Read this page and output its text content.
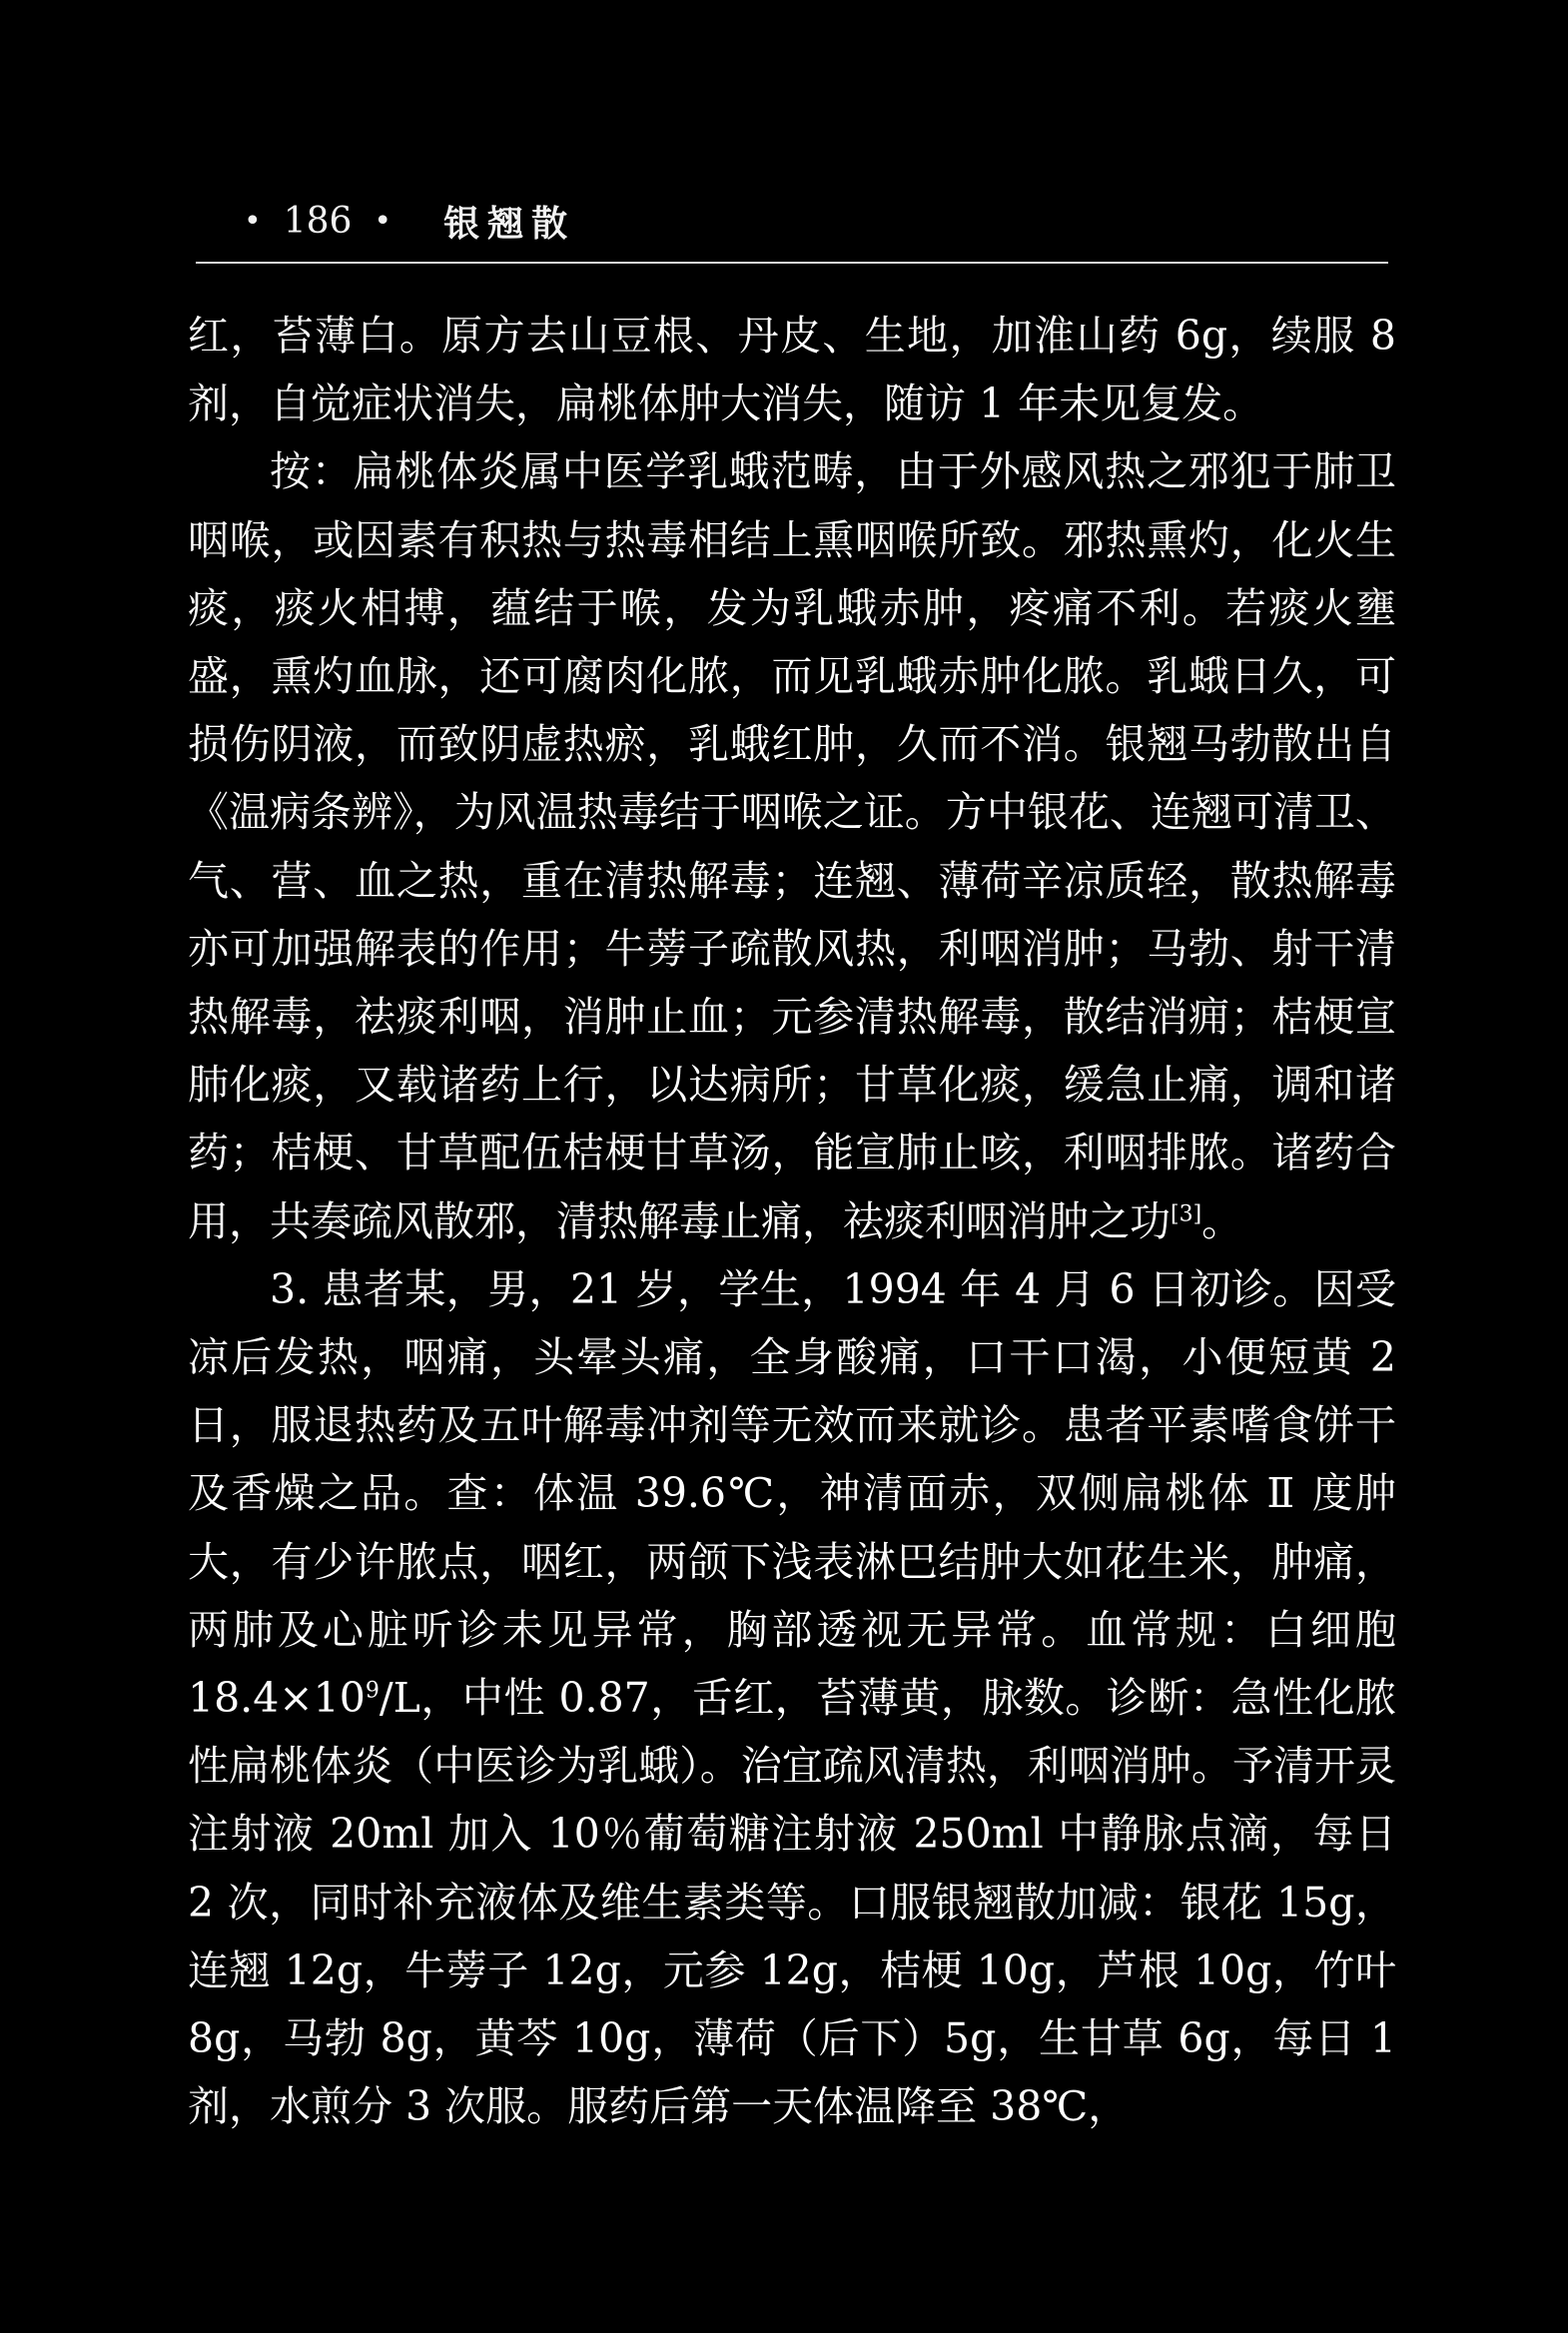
• 186 • 银翘散

红，苔薄白。原方去山豆根、丹皮、生地，加淮山药 6g，续服 8 剂，自觉症状消失，扁桃体肿大消失，随访 1 年未见复发。

按：扁桃体炎属中医学乳蛾范畴，由于外感风热之邪犯于肺卫咽喉，或因素有积热与热毒相结上熏咽喉所致。邪热熏灼，化火生痰，痰火相搏，蕴结于喉，发为乳蛾赤肿，疼痛不利。若痰火壅盛，熏灼血脉，还可腐肉化脓，而见乳蛾赤肿化脓。乳蛾日久，可损伤阴液，而致阴虚热瘀，乳蛾红肿，久而不消。银翘马勃散出自《温病条辨》，为风温热毒结于咽喉之证。方中银花、连翘可清卫、气、营、血之热，重在清热解毒；连翘、薄荷辛凉质轻，散热解毒亦可加强解表的作用；牛蒡子疏散风热，利咽消肿；马勃、射干清热解毒，祛痰利咽，消肿止血；元参清热解毒，散结消痈；桔梗宣肺化痰，又载诸药上行，以达病所；甘草化痰，缓急止痛，调和诸药；桔梗、甘草配伍桔梗甘草汤，能宣肺止咳，利咽排脓。诸药合用，共奏疏风散邪，清热解毒止痛，祛痰利咽消肿之功[3]。

3. 患者某，男，21 岁，学生，1994 年 4 月 6 日初诊。因受凉后发热，咽痛，头晕头痛，全身酸痛，口干口渴，小便短黄 2 日，服退热药及五叶解毒冲剂等无效而来就诊。患者平素嗜食饼干及香燥之品。查：体温 39.6℃，神清面赤，双侧扁桃体 Ⅱ 度肿大，有少许脓点，咽红，两颌下浅表淋巴结肿大如花生米，肿痛，两肺及心脏听诊未见异常，胸部透视无异常。血常规：白细胞 $18.4\times 10^9/L$，中性 0.87，舌红，苔薄黄，脉数。诊断：急性化脓性扁桃体炎（中医诊为乳蛾）。治宜疏风清热，利咽消肿。予清开灵注射液 20ml 加入 10％葡萄糖注射液 250ml 中静脉点滴，每日 2 次，同时补充液体及维生素类等。口服银翘散加减：银花 15g，连翘 12g，牛蒡子 12g，元参 12g，桔梗 10g，芦根 10g，竹叶 8g，马勃 8g，黄芩 10g，薄荷（后下）5g，生甘草 6g，每日 1 剂，水煎分 3 次服。服药后第一天体温降至 38℃，
